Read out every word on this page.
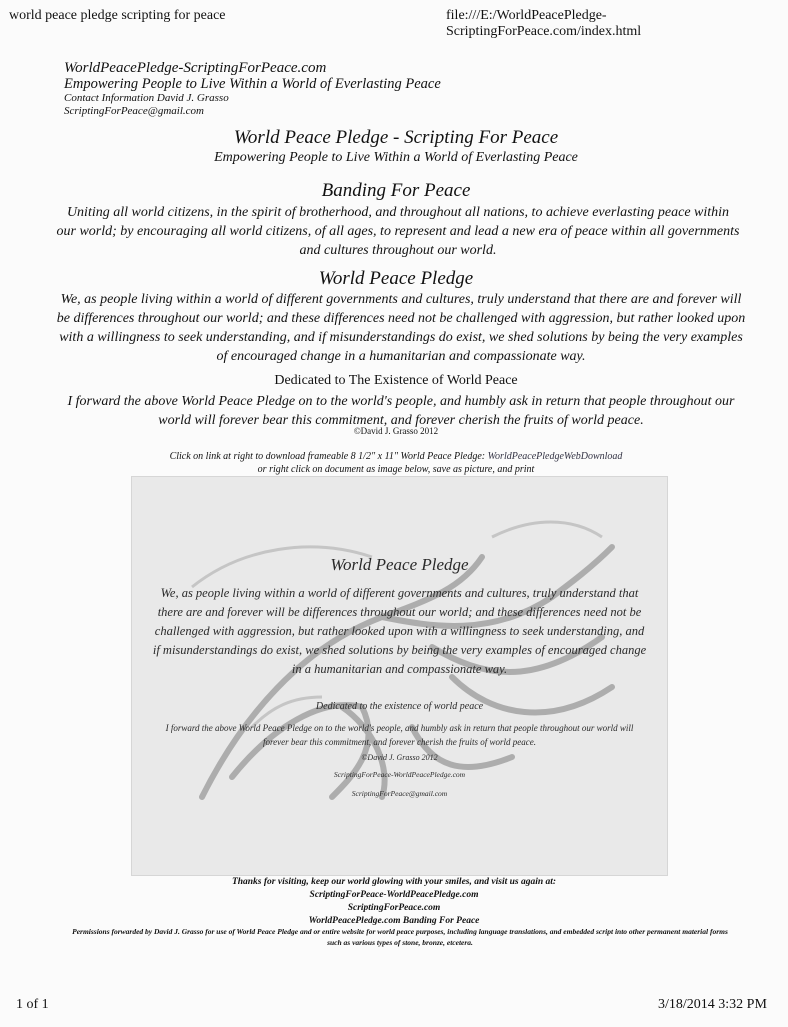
world peace pledge scripting for peace	file:///E:/WorldPeacePledge-ScriptingForPeace.com/index.html
WorldPeacePledge-ScriptingForPeace.com
Empowering People to Live Within a World of Everlasting Peace
Contact Information David J. Grasso
ScriptingForPeace@gmail.com
World Peace Pledge - Scripting For Peace
Empowering People to Live Within a World of Everlasting Peace
Banding For Peace
Uniting all world citizens, in the spirit of brotherhood, and throughout all nations, to achieve everlasting peace within our world; by encouraging all world citizens, of all ages, to represent and lead a new era of peace within all governments and cultures throughout our world.
World Peace Pledge
We, as people living within a world of different governments and cultures, truly understand that there are and forever will be differences throughout our world; and these differences need not be challenged with aggression, but rather looked upon with a willingness to seek understanding, and if misunderstandings do exist, we shed solutions by being the very examples of encouraged change in a humanitarian and compassionate way.
Dedicated to The Existence of World Peace
I forward the above World Peace Pledge on to the world's people, and humbly ask in return that people throughout our world will forever bear this commitment, and forever cherish the fruits of world peace.
©David J. Grasso 2012
Click on link at right to download frameable 8 1/2" x 11" World Peace Pledge: WorldPeacePledgeWebDownload
or right click on document as image below, save as picture, and print
World Peace Pledge
We, as people living within a world of different governments and cultures, truly understand that there are and forever will be differences throughout our world; and these differences need not be challenged with aggression, but rather looked upon with a willingness to seek understanding, and if misunderstandings do exist, we shed solutions by being the very examples of encouraged change in a humanitarian and compassionate way.
Dedicated to the existence of world peace
I forward the above World Peace Pledge on to the world's people, and humbly ask in return that people throughout our world will forever bear this commitment, and forever cherish the fruits of world peace.
©David J. Grasso 2012
ScriptingForPeace-WorldPeacePledge.com
ScriptingForPeace@gmail.com
Thanks for visiting, keep our world glowing with your smiles, and visit us again at:
ScriptingForPeace-WorldPeacePledge.com
ScriptingForPeace.com
WorldPeacePledge.com Banding For Peace
Permissions forwarded by David J. Grasso for use of World Peace Pledge and or entire website for world peace purposes, including language translations, and embedded script into other permanent material forms such as various types of stone, bronze, etcetera.
1 of 1	3/18/2014 3:32 PM
